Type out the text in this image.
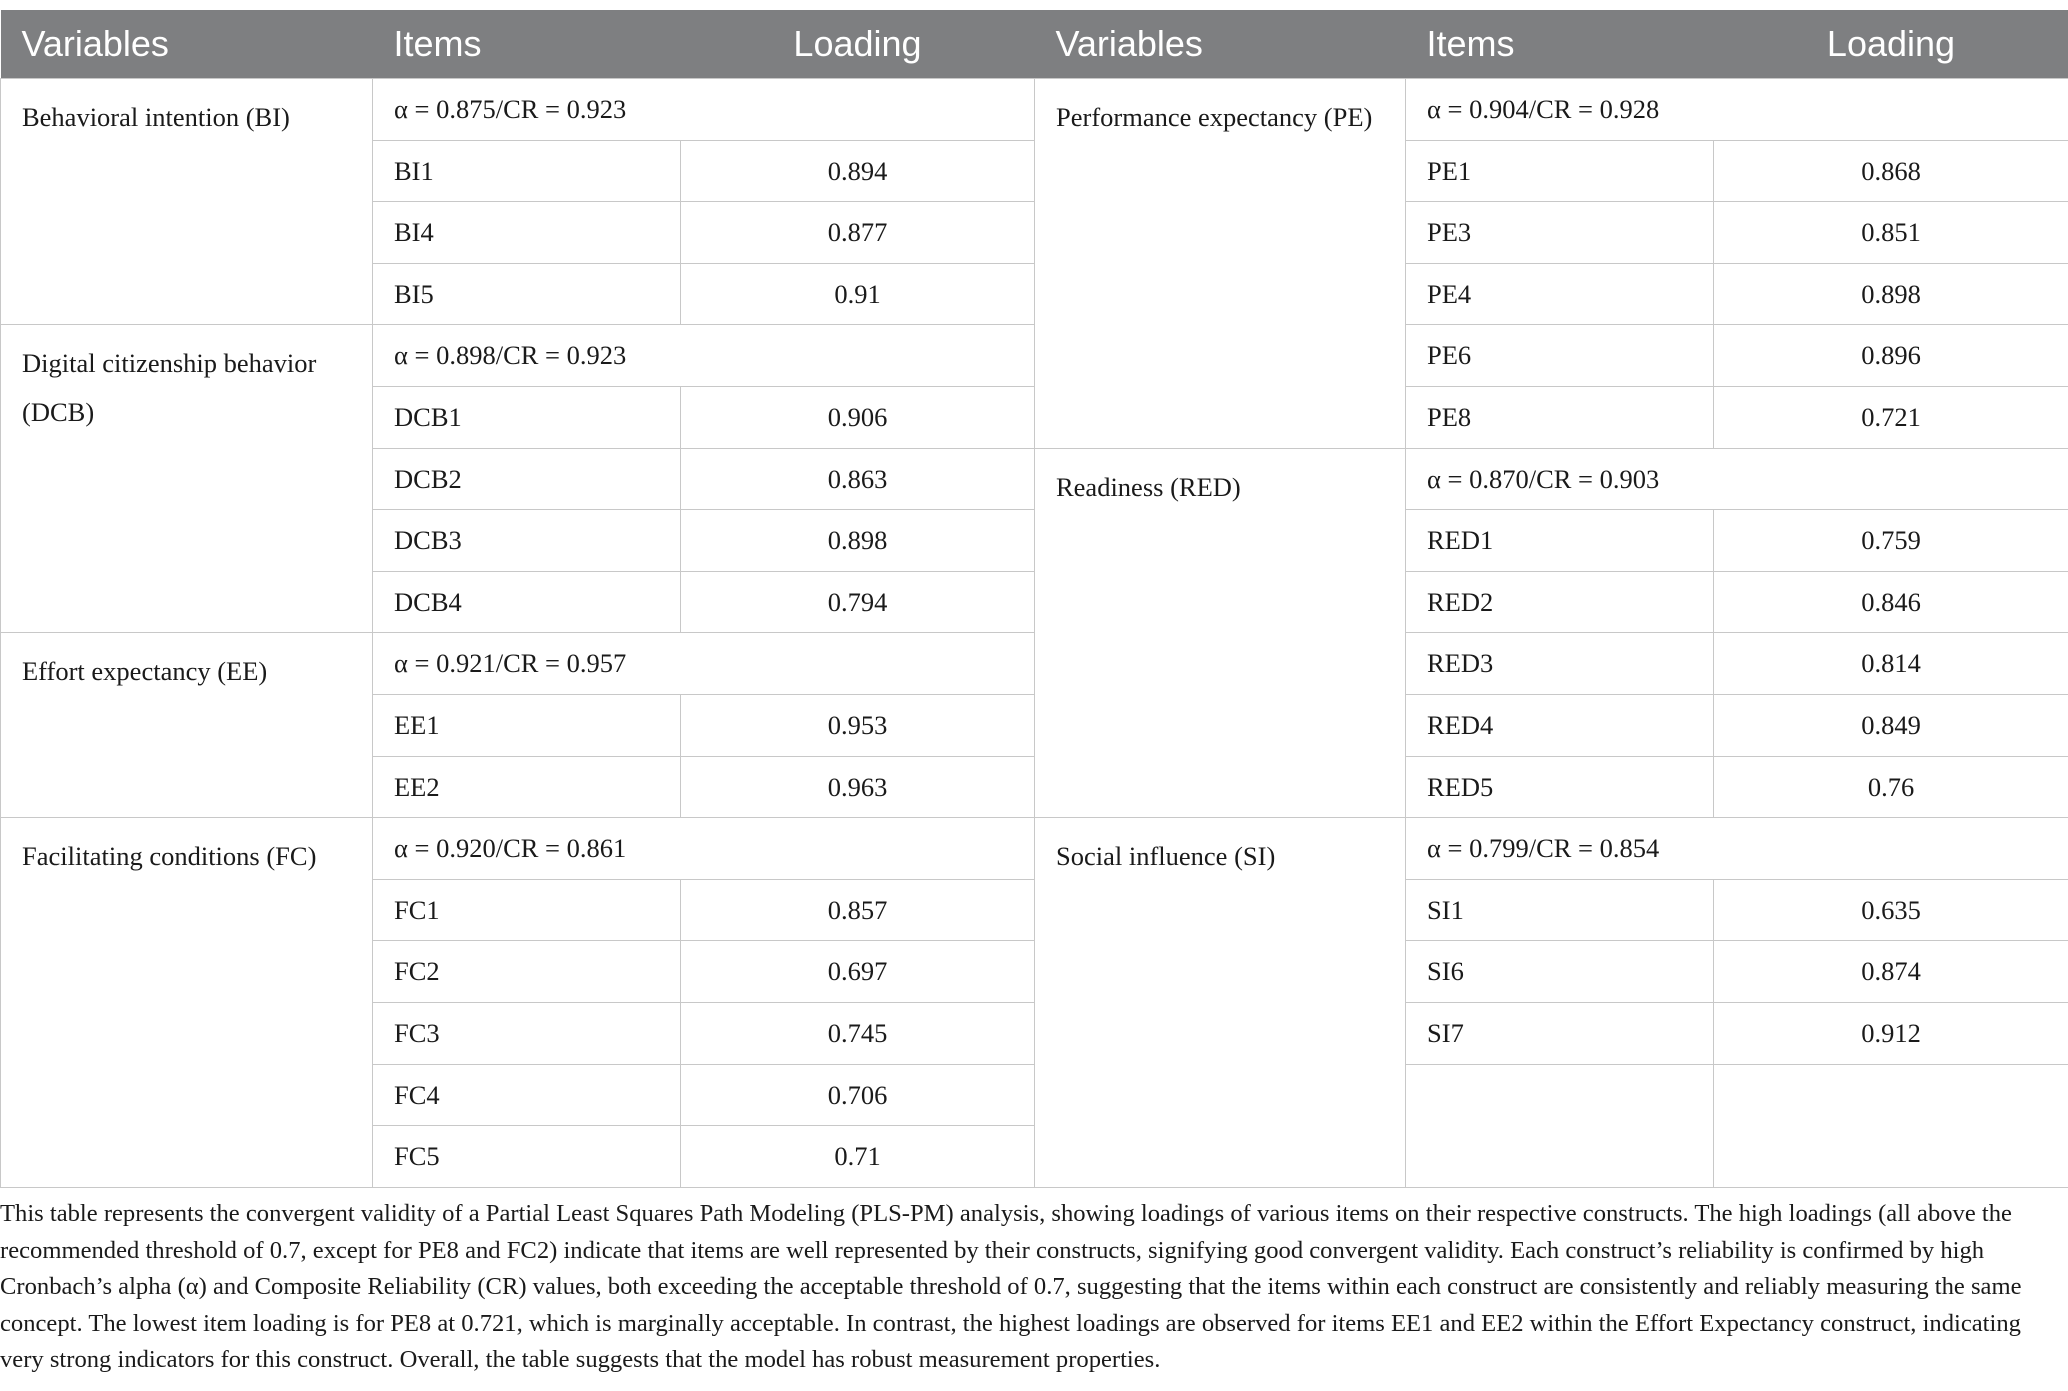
Variables	Items	Loading	Variables	Items	Loading
Behavioral intention (BI)	α = 0.875/CR = 0.923		Performance expectancy (PE)	α = 0.904/CR = 0.928	
	BI1	0.894		PE1	0.868
	BI4	0.877		PE3	0.851
	BI5	0.91		PE4	0.898
Digital citizenship behavior (DCB)	α = 0.898/CR = 0.923			PE6	0.896
	DCB1	0.906		PE8	0.721
	DCB2	0.863	Readiness (RED)	α = 0.870/CR = 0.903	
	DCB3	0.898		RED1	0.759
	DCB4	0.794		RED2	0.846
Effort expectancy (EE)	α = 0.921/CR = 0.957			RED3	0.814
	EE1	0.953		RED4	0.849
	EE2	0.963		RED5	0.76
Facilitating conditions (FC)	α = 0.920/CR = 0.861		Social influence (SI)	α = 0.799/CR = 0.854	
	FC1	0.857		SI1	0.635
	FC2	0.697		SI6	0.874
	FC3	0.745		SI7	0.912
	FC4	0.706			
	FC5	0.71			

This table represents the convergent validity of a Partial Least Squares Path Modeling (PLS-PM) analysis, showing loadings of various items on their respective constructs. The high loadings (all above the recommended threshold of 0.7, except for PE8 and FC2) indicate that items are well represented by their constructs, signifying good convergent validity. Each construct’s reliability is confirmed by high Cronbach’s alpha (α) and Composite Reliability (CR) values, both exceeding the acceptable threshold of 0.7, suggesting that the items within each construct are consistently and reliably measuring the same concept. The lowest item loading is for PE8 at 0.721, which is marginally acceptable. In contrast, the highest loadings are observed for items EE1 and EE2 within the Effort Expectancy construct, indicating very strong indicators for this construct. Overall, the table suggests that the model has robust measurement properties.
